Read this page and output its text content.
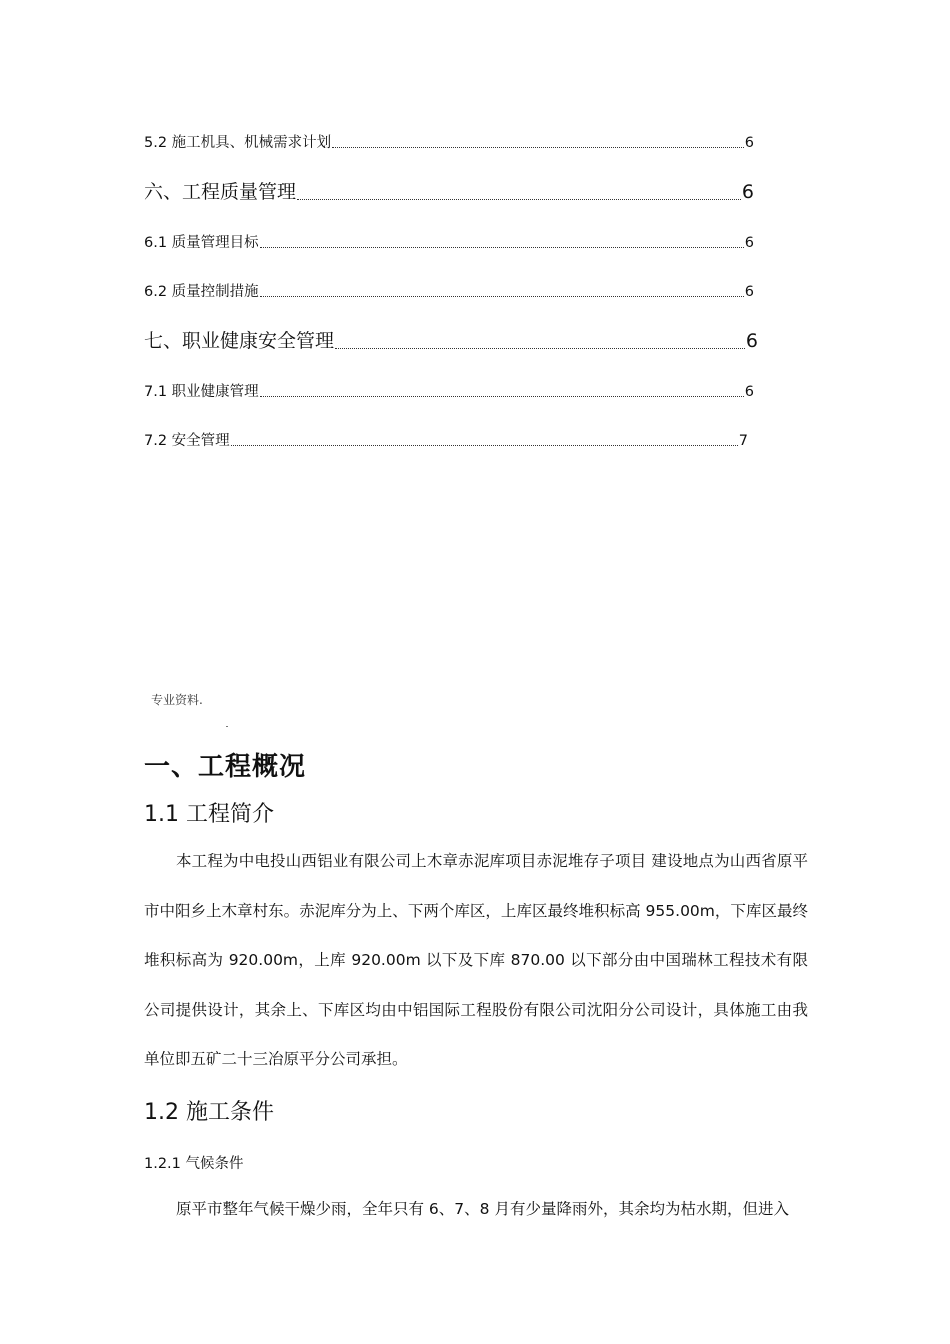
5.2 施工机具、机械需求计划	6
六、工程质量管理	6
6.1 质量管理目标	6
6.2 质量控制措施	6
七、职业健康安全管理	6
7.1 职业健康管理	6
7.2 安全管理	7
专业资料.
一、工程概况
1.1 工程简介
本工程为中电投山西铝业有限公司上木章赤泥库项目赤泥堆存子项目 建设地点为山西省原平市中阳乡上木章村东。赤泥库分为上、下两个库区，上库区最终堆积标高 955.00m，下库区最终堆积标高为 920.00m，上库 920.00m 以下及下库 870.00 以下部分由中国瑞林工程技术有限公司提供设计，其余上、下库区均由中铝国际工程股份有限公司沈阳分公司设计，具体施工由我单位即五矿二十三冶原平分公司承担。
1.2 施工条件
1.2.1 气候条件
原平市整年气候干燥少雨，全年只有 6、7、8 月有少量降雨外，其余均为枯水期，但进入
